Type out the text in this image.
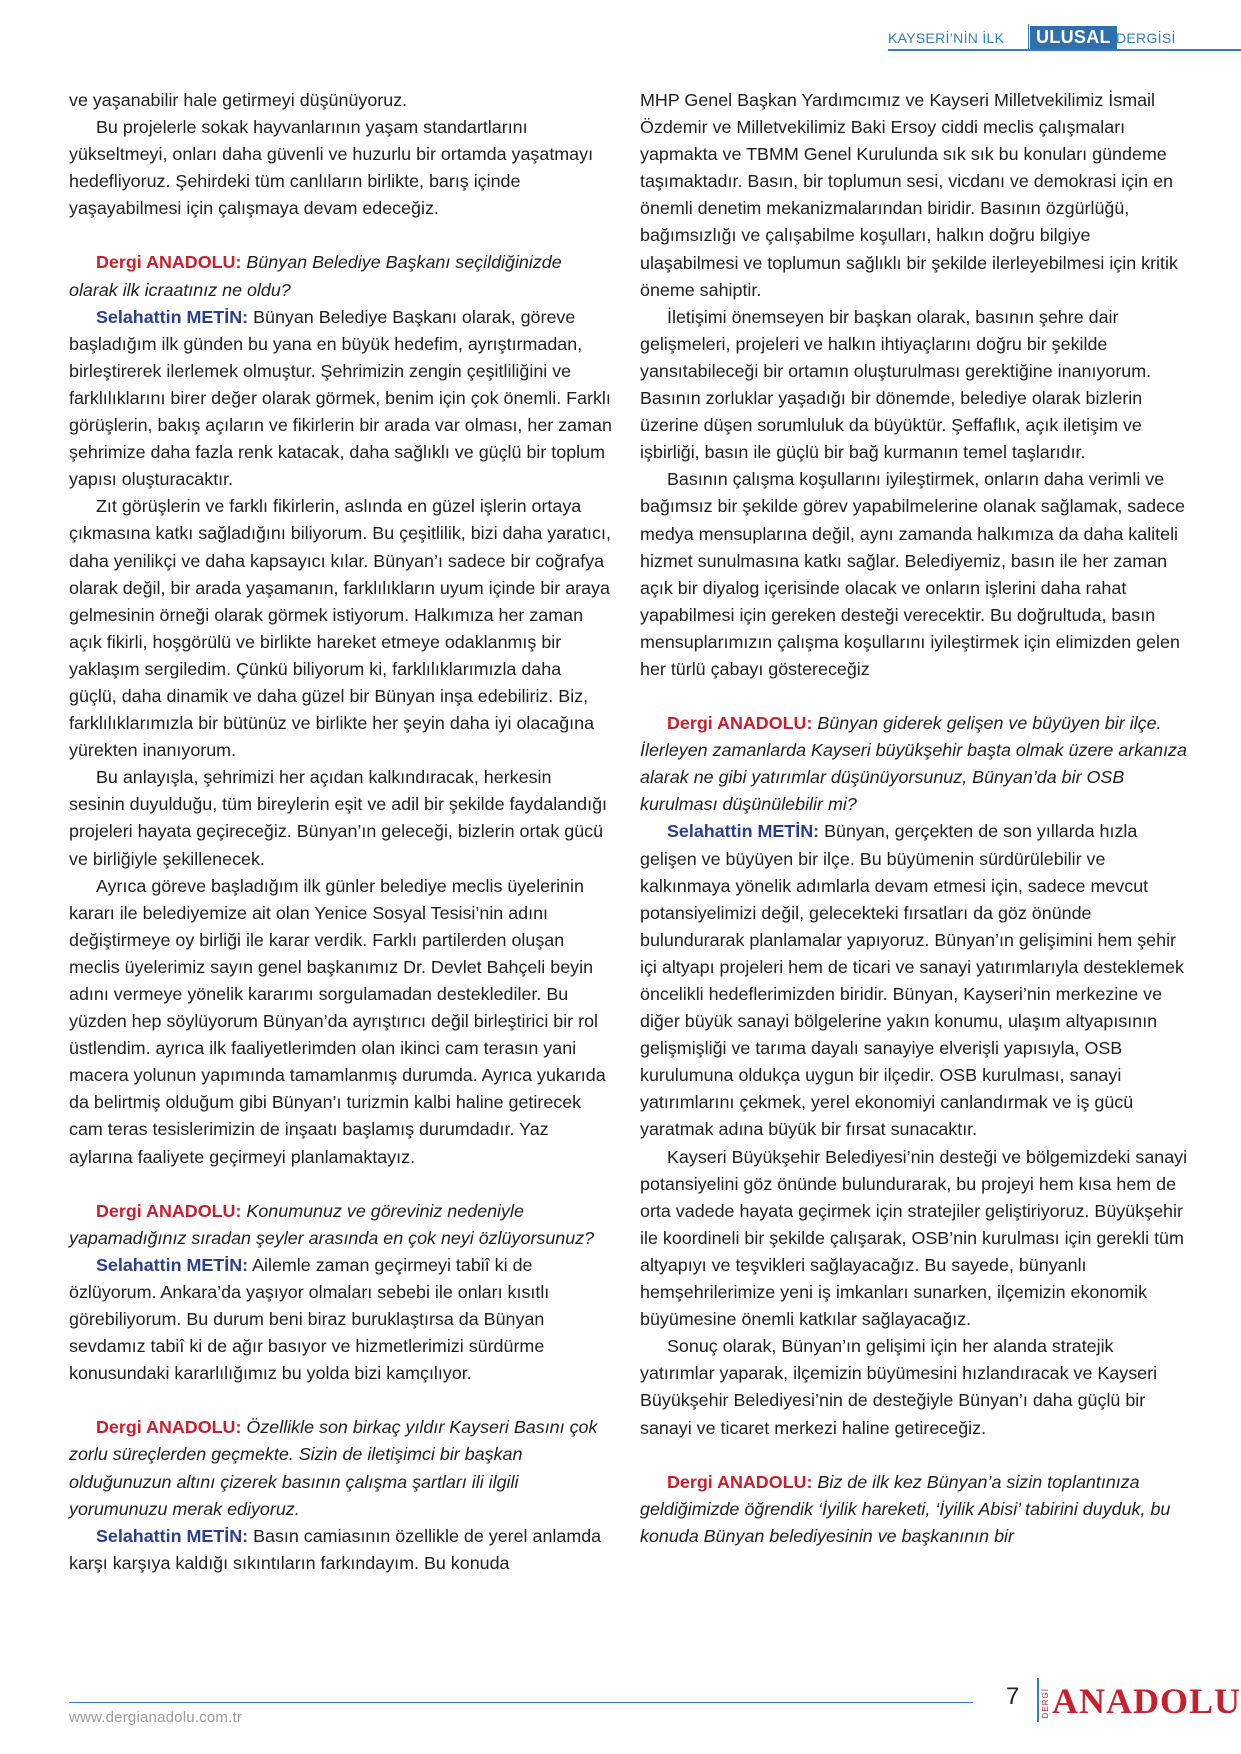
KAYSERİ’NİN İLK	ULUSAL DERGİSİ

ve yaşanabilir hale getirmeyi düşünüyoruz.

Bu projelerle sokak hayvanlarının yaşam standartlarını yükseltmeyi, onları daha güvenli ve huzurlu bir ortamda yaşatmayı hedefliyoruz. Şehirdeki tüm canlıların birlikte, barış içinde yaşayabilmesi için çalışmaya devam edeceğiz.

Dergi ANADOLU: Bünyan Belediye Başkanı seçildiğinizde olarak ilk icraatınız ne oldu?

Selahattin METİN: Bünyan Belediye Başkanı olarak, göreve başladığım ilk günden bu yana en büyük hedefim, ayrıştırmadan, birleştirerek ilerlemek olmuştur. Şehrimizin zengin çeşitliliğini ve farklılıklarını birer değer olarak görmek, benim için çok önemli. Farklı görüşlerin, bakış açıların ve fikirlerin bir arada var olması, her zaman şehrimize daha fazla renk katacak, daha sağlıklı ve güçlü bir toplum yapısı oluşturacaktır.

Zıt görüşlerin ve farklı fikirlerin, aslında en güzel işlerin ortaya çıkmasına katkı sağladığını biliyorum. Bu çeşitlilik, bizi daha yaratıcı, daha yenilikçi ve daha kapsayıcı kılar. Bünyan’ı sadece bir coğrafya olarak değil, bir arada yaşamanın, farklılıkların uyum içinde bir araya gelmesinin örneği olarak görmek istiyorum. Halkımıza her zaman açık fikirli, hoşgörülü ve birlikte hareket etmeye odaklanmış bir yaklaşım sergiledim. Çünkü biliyorum ki, farklılıklarımızla daha güçlü, daha dinamik ve daha güzel bir Bünyan inşa edebiliriz. Biz, farklılıklarımızla bir bütünüz ve birlikte her şeyin daha iyi olacağına yürekten inanıyorum.

Bu anlayışla, şehrimizi her açıdan kalkındıracak, herkesin sesinin duyulduğu, tüm bireylerin eşit ve adil bir şekilde faydalandığı projeleri hayata geçireceğiz. Bünyan’ın geleceği, bizlerin ortak gücü ve birliğiyle şekillenecek.

Ayrıca göreve başladığım ilk günler belediye meclis üyelerinin kararı ile belediyemize ait olan Yenice Sosyal Tesisi’nin adını değiştirmeye oy birliği ile karar verdik. Farklı partilerden oluşan meclis üyelerimiz sayın genel başkanımız Dr. Devlet Bahçeli beyin adını vermeye yönelik kararımı sorgulamadan desteklediler. Bu yüzden hep söylüyorum Bünyan’da ayrıştırıcı değil birleştirici bir rol üstlendim. ayrıca ilk faaliyetlerimden olan ikinci cam terasın yani macera yolunun yapımında tamamlanmış durumda. Ayrıca yukarıda da belirtmiş olduğum gibi Bünyan’ı turizmin kalbi haline getirecek cam teras tesislerimizin de inşaatı başlamış durumdadır. Yaz aylarına faaliyete geçirmeyi planlamaktayız.

Dergi ANADOLU: Konumunuz ve göreviniz nedeniyle yapamadığınız sıradan şeyler arasında en çok neyi özlüyorsunuz?

Selahattin METİN: Ailemle zaman geçirmeyi tabiî ki de özlüyorum. Ankara’da yaşıyor olmaları sebebi ile onları kısıtlı görebiliyorum. Bu durum beni biraz buruklaştırsa da Bünyan sevdamız tabiî ki de ağır basıyor ve hizmetlerimizi sürdürme konusundaki kararlılığımız bu yolda bizi kamçılıyor.

Dergi ANADOLU: Özellikle son birkaç yıldır Kayseri Basını çok zorlu süreçlerden geçmekte. Sizin de iletişimci bir başkan olduğunuzun altını çizerek basının çalışma şartları ili ilgili yorumunuzu merak ediyoruz.

Selahattin METİN: Basın camiasının özellikle de yerel anlamda karşı karşıya kaldığı sıkıntıların farkındayım. Bu konuda

MHP Genel Başkan Yardımcımız ve Kayseri Milletvekilimiz İsmail Özdemir ve Milletvekilimiz Baki Ersoy ciddi meclis çalışmaları yapmakta ve TBMM Genel Kurulunda sık sık bu konuları gündeme taşımaktadır. Basın, bir toplumun sesi, vicdanı ve demokrasi için en önemli denetim mekanizmalarından biridir. Basının özgürlüğü, bağımsızlığı ve çalışabilme koşulları, halkın doğru bilgiye ulaşabilmesi ve toplumun sağlıklı bir şekilde ilerleyebilmesi için kritik öneme sahiptir.

İletişimi önemseyen bir başkan olarak, basının şehre dair gelişmeleri, projeleri ve halkın ihtiyaçlarını doğru bir şekilde yansıtabileceği bir ortamın oluşturulması gerektiğine inanıyorum. Basının zorluklar yaşadığı bir dönemde, belediye olarak bizlerin üzerine düşen sorumluluk da büyüktür. Şeffaflık, açık iletişim ve işbirliği, basın ile güçlü bir bağ kurmanın temel taşlarıdır.

Basının çalışma koşullarını iyileştirmek, onların daha verimli ve bağımsız bir şekilde görev yapabilmelerine olanak sağlamak, sadece medya mensuplarına değil, aynı zamanda halkımıza da daha kaliteli hizmet sunulmasına katkı sağlar. Belediyemiz, basın ile her zaman açık bir diyalog içerisinde olacak ve onların işlerini daha rahat yapabilmesi için gereken desteği verecektir. Bu doğrultuda, basın mensuplarımızın çalışma koşullarını iyileştirmek için elimizden gelen her türlü çabayı göstereceğiz

Dergi ANADOLU: Bünyan giderek gelişen ve büyüyen bir ilçe. İlerleyen zamanlarda Kayseri büyükşehir başta olmak üzere arkanıza alarak ne gibi yatırımlar düşünüyorsunuz, Bünyan’da bir OSB kurulması düşünülebilir mi?

Selahattin METİN: Bünyan, gerçekten de son yıllarda hızla gelişen ve büyüyen bir ilçe. Bu büyümenin sürdürülebilir ve kalkınmaya yönelik adımlarla devam etmesi için, sadece mevcut potansiyelimizi değil, gelecekteki fırsatları da göz önünde bulundurarak planlamalar yapıyoruz. Bünyan’ın gelişimini hem şehir içi altyapı projeleri hem de ticari ve sanayi yatırımlarıyla desteklemek öncelikli hedeflerimizden biridir. Bünyan, Kayseri’nin merkezine ve diğer büyük sanayi bölgelerine yakın konumu, ulaşım altyapısının gelişmişliği ve tarıma dayalı sanayiye elverişli yapısıyla, OSB kurulumuna oldukça uygun bir ilçedir. OSB kurulması, sanayi yatırımlarını çekmek, yerel ekonomiyi canlandırmak ve iş gücü yaratmak adına büyük bir fırsat sunacaktır.

Kayseri Büyükşehir Belediyesi’nin desteği ve bölgemizdeki sanayi potansiyelini göz önünde bulundurarak, bu projeyi hem kısa hem de orta vadede hayata geçirmek için stratejiler geliştiriyoruz. Büyükşehir ile koordineli bir şekilde çalışarak, OSB’nin kurulması için gerekli tüm altyapıyı ve teşvikleri sağlayacağız. Bu sayede, bünyanlı hemşehrilerimize yeni iş imkanları sunarken, ilçemizin ekonomik büyümesine önemli katkılar sağlayacağız.

Sonuç olarak, Bünyan’ın gelişimi için her alanda stratejik yatırımlar yaparak, ilçemizin büyümesini hızlandıracak ve Kayseri Büyükşehir Belediyesi’nin de desteğiyle Bünyan’ı daha güçlü bir sanayi ve ticaret merkezi haline getireceğiz.

Dergi ANADOLU: Biz de ilk kez Bünyan’a sizin toplantınıza geldiğimizde öğrendik ‘İyilik hareketi, ‘İyilik Abisi’ tabirini duyduk, bu konuda Bünyan belediyesinin ve başkanının bir

www.dergianadolu.com.tr
7	DERGİ ANADOLU
